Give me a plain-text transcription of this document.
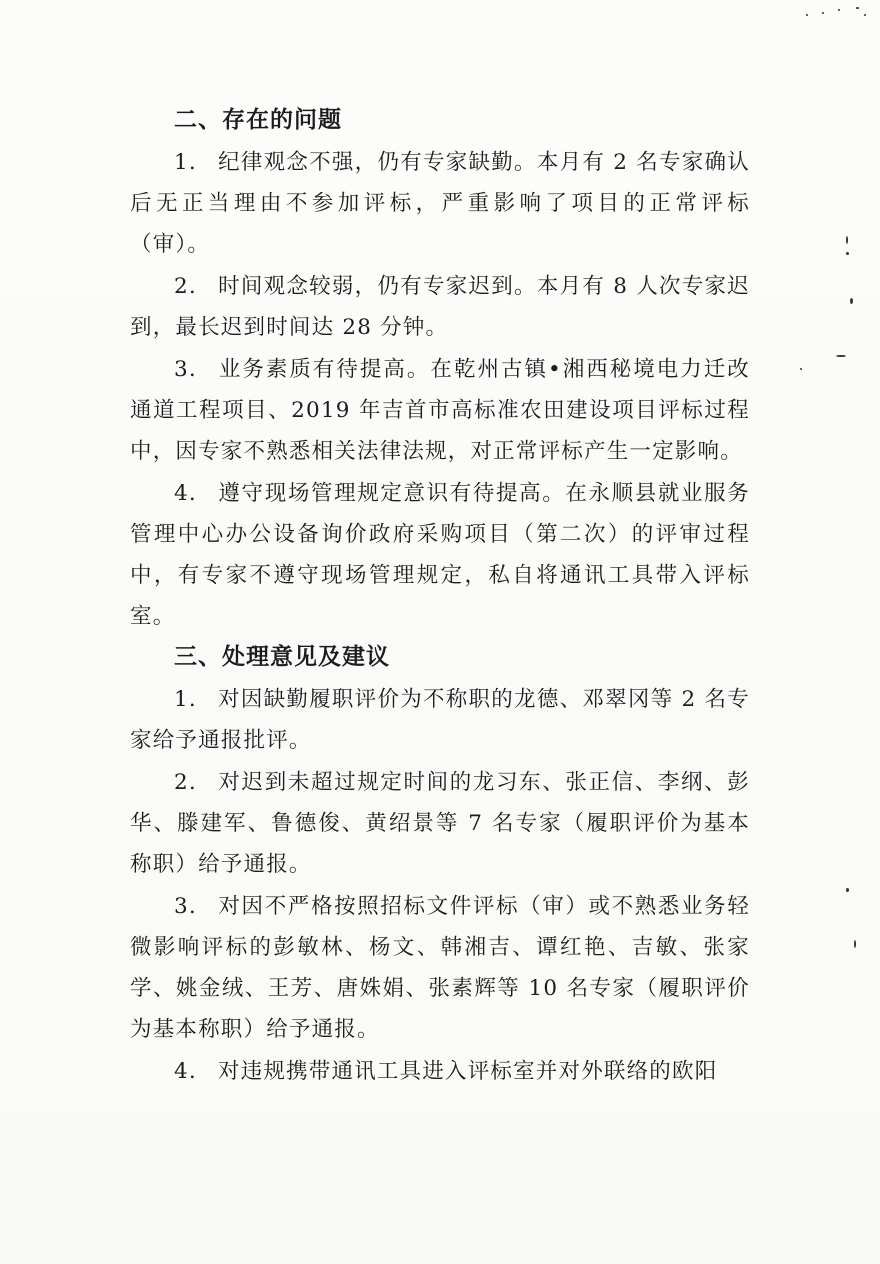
二、存在的问题

1. 纪律观念不强，仍有专家缺勤。本月有 2 名专家确认后无正当理由不参加评标，严重影响了项目的正常评标（审）。

2. 时间观念较弱，仍有专家迟到。本月有 8 人次专家迟到，最长迟到时间达 28 分钟。

3. 业务素质有待提高。在乾州古镇•湘西秘境电力迁改通道工程项目、2019 年吉首市高标准农田建设项目评标过程中，因专家不熟悉相关法律法规，对正常评标产生一定影响。

4. 遵守现场管理规定意识有待提高。在永顺县就业服务管理中心办公设备询价政府采购项目（第二次）的评审过程中，有专家不遵守现场管理规定，私自将通讯工具带入评标室。

三、处理意见及建议

1. 对因缺勤履职评价为不称职的龙德、邓翠冈等 2 名专家给予通报批评。

2. 对迟到未超过规定时间的龙习东、张正信、李纲、彭华、滕建军、鲁德俊、黄绍景等 7 名专家（履职评价为基本称职）给予通报。

3. 对因不严格按照招标文件评标（审）或不熟悉业务轻微影响评标的彭敏林、杨文、韩湘吉、谭红艳、吉敏、张家学、姚金绒、王芳、唐姝娟、张素辉等 10 名专家（履职评价为基本称职）给予通报。

4. 对违规携带通讯工具进入评标室并对外联络的欧阳
